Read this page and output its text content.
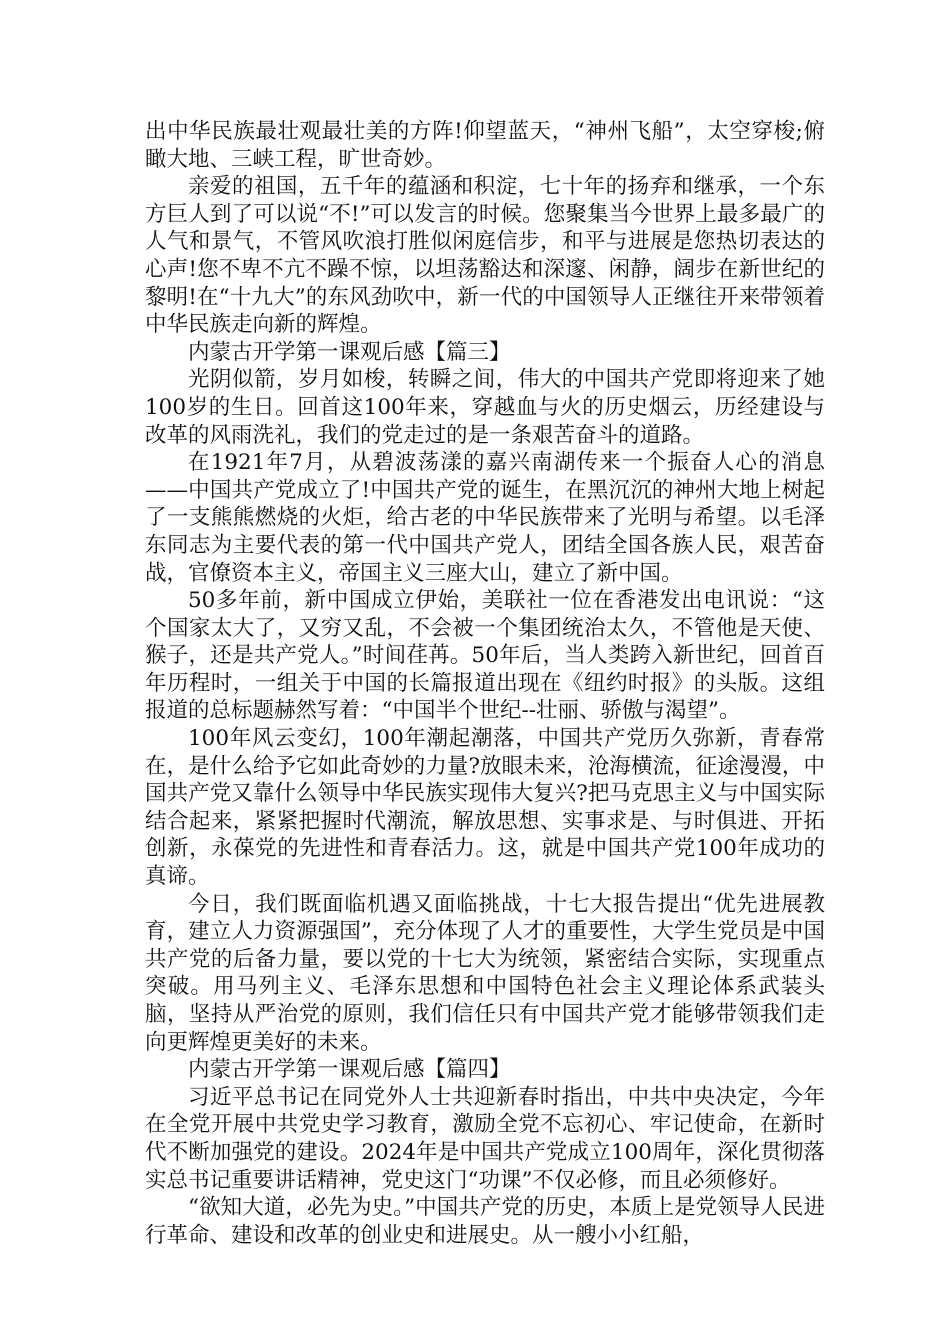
出中华民族最壮观最壮美的方阵!仰望蓝天，“神州飞船”，太空穿梭;俯瞰大地、三峡工程，旷世奇妙。

亲爱的祖国，五千年的蕴涵和积淀，七十年的扬弃和继承，一个东方巨人到了可以说“不!”可以发言的时候。您聚集当今世界上最多最广的人气和景气，不管风吹浪打胜似闲庭信步，和平与进展是您热切表达的心声!您不卑不亢不躁不惊，以坦荡豁达和深邃、闲静，阔步在新世纪的黎明!在“十九大”的东风劲吹中，新一代的中国领导人正继往开来带领着中华民族走向新的辉煌。

内蒙古开学第一课观后感【篇三】

光阴似箭，岁月如梭，转瞬之间，伟大的中国共产党即将迎来了她100岁的生日。回首这100年来，穿越血与火的历史烟云，历经建设与改革的风雨洗礼，我们的党走过的是一条艰苦奋斗的道路。

在1921年7月，从碧波荡漾的嘉兴南湖传来一个振奋人心的消息——中国共产党成立了!中国共产党的诞生，在黑沉沉的神州大地上树起了一支熊熊燃烧的火炬，给古老的中华民族带来了光明与希望。以毛泽东同志为主要代表的第一代中国共产党人，团结全国各族人民，艰苦奋战，官僚资本主义，帝国主义三座大山，建立了新中国。

50多年前，新中国成立伊始，美联社一位在香港发出电讯说：“这个国家太大了，又穷又乱，不会被一个集团统治太久，不管他是天使、猴子，还是共产党人。”时间荏苒。50年后，当人类跨入新世纪，回首百年历程时，一组关于中国的长篇报道出现在《纽约时报》的头版。这组报道的总标题赫然写着：“中国半个世纪--壮丽、骄傲与渴望”。

100年风云变幻，100年潮起潮落，中国共产党历久弥新，青春常在，是什么给予它如此奇妙的力量?放眼未来，沧海横流，征途漫漫，中国共产党又靠什么领导中华民族实现伟大复兴?把马克思主义与中国实际结合起来，紧紧把握时代潮流，解放思想、实事求是、与时俱进、开拓创新，永葆党的先进性和青春活力。这，就是中国共产党100年成功的真谛。

今日，我们既面临机遇又面临挑战，十七大报告提出“优先进展教育，建立人力资源强国”，充分体现了人才的重要性，大学生党员是中国共产党的后备力量，要以党的十七大为统领，紧密结合实际，实现重点突破。用马列主义、毛泽东思想和中国特色社会主义理论体系武装头脑，坚持从严治党的原则，我们信任只有中国共产党才能够带领我们走向更辉煌更美好的未来。

内蒙古开学第一课观后感【篇四】

习近平总书记在同党外人士共迎新春时指出，中共中央决定，今年在全党开展中共党史学习教育，激励全党不忘初心、牢记使命，在新时代不断加强党的建设。2024年是中国共产党成立100周年，深化贯彻落实总书记重要讲话精神，党史这门“功课”不仅必修，而且必须修好。

“欲知大道，必先为史。”中国共产党的历史，本质上是党领导人民进行革命、建设和改革的创业史和进展史。从一艘小小红船，
